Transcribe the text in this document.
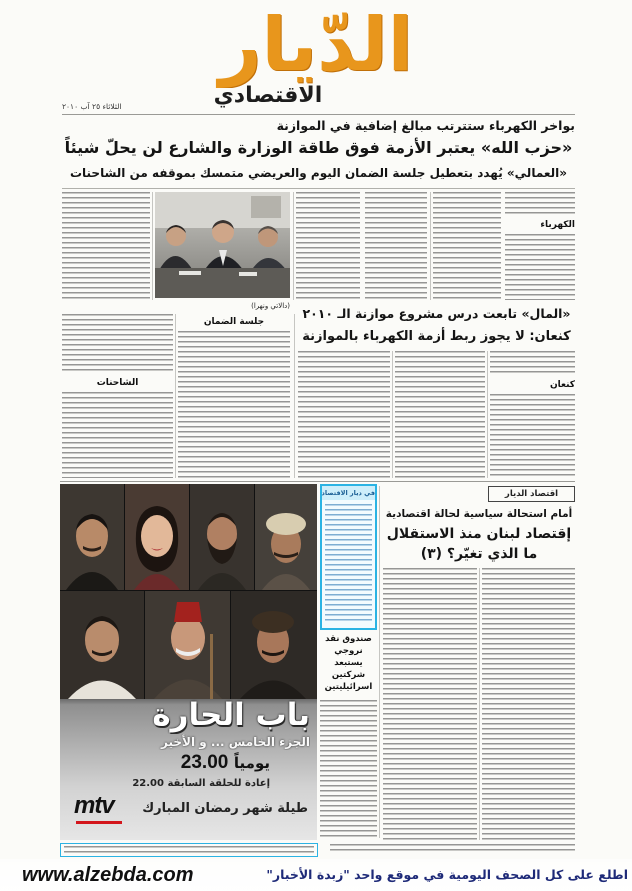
الدّيار
الاقتصادي
الثلاثاء ٢٥ آب ٢٠١٠
بواخر الكهرباء ستترتب مبالغ إضافية في الموازنة
«حزب الله» يعتبر الأزمة فوق طاقة الوزارة والشارع لن يحلّ شيئاً
«العمالي» يُهدد بتعطيل جلسة الضمان اليوم والعريضي متمسك بموقفه من الشاحنات
الكهرباء
(دالاتي ونهرا) «المال» تابعت درس مشروع موازنة الـ ٢٠١٠
كنعان: لا يجوز ربط أزمة الكهرباء بالموازنة
كنعان
جلسة الضمان
الشاحنات
باب الحارة
الجزء الخامس ... و الأخير
يومياً 23.00
إعادة للحلقة السابقة 22.00
mtv	طيلة شهر رمضان المبارك
في ديار الاقتصاد
صندوق نقد نروجي يستبعد شركتين اسرائيليتين
اقتصاد الديار
أمام استحالة سياسية لحالة اقتصادية
إقتصاد لبنان منذ الاستقلال
ما الذي تغيّر؟ (٣)
www.alzebda.com	اطلع على كل الصحف اليومية في موقع واحد "زبدة الأخبار"
